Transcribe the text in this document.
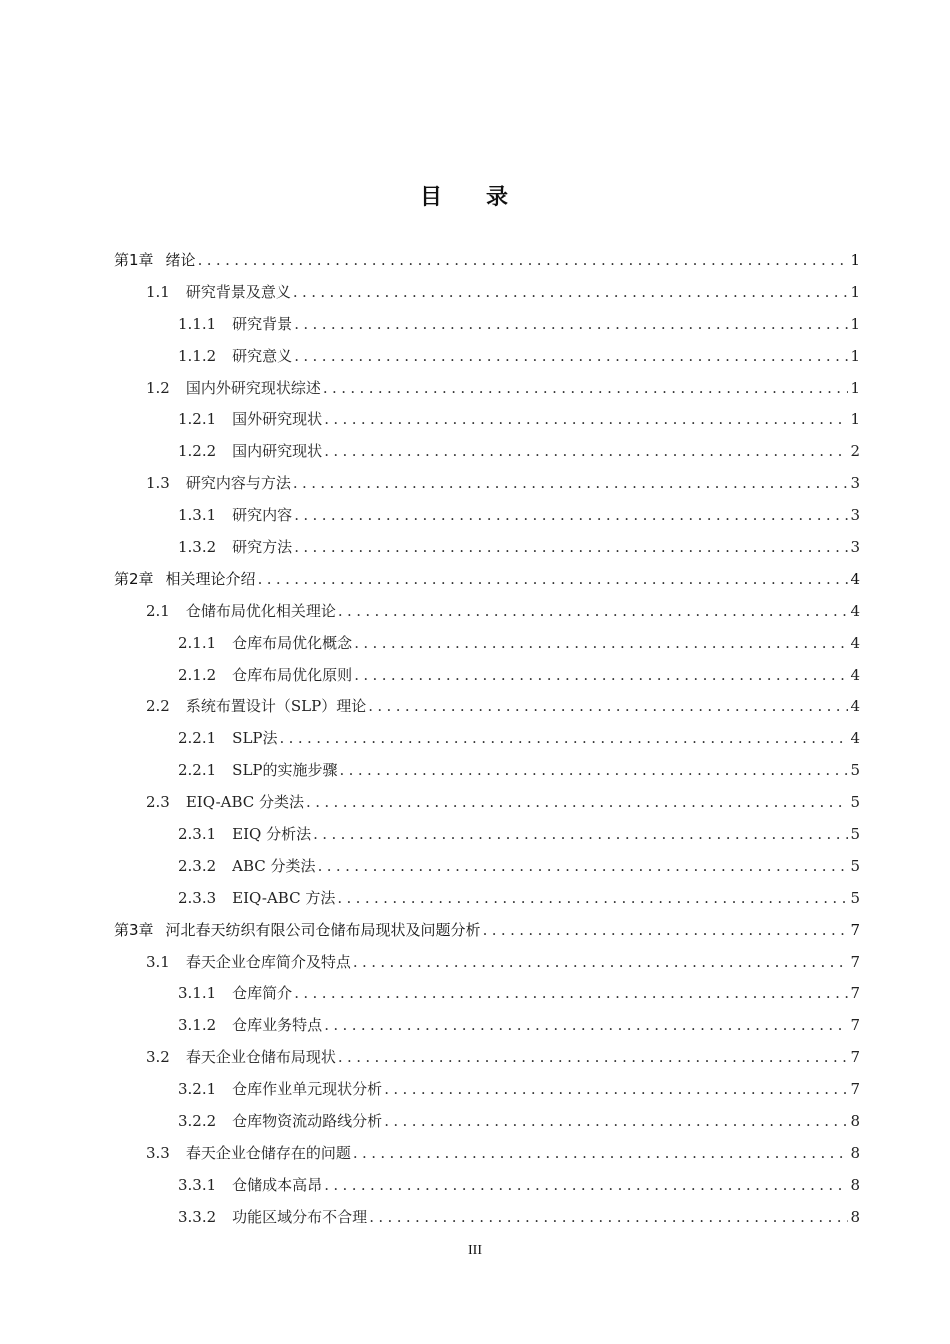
目录
第1章 绪论 .....	1
1.1 研究背景及意义 .....	1
1.1.1 研究背景 .....	1
1.1.2 研究意义 .....	1
1.2 国内外研究现状综述 .....	1
1.2.1 国外研究现状 .....	1
1.2.2 国内研究现状 .....	2
1.3 研究内容与方法 .....	3
1.3.1 研究内容 .....	3
1.3.2 研究方法 .....	3
第2章 相关理论介绍 .....	4
2.1 仓储布局优化相关理论 .....	4
2.1.1 仓库布局优化概念 .....	4
2.1.2 仓库布局优化原则 .....	4
2.2 系统布置设计（SLP）理论 .....	4
2.2.1 SLP法 .....	4
2.2.1 SLP的实施步骤 .....	5
2.3 EIQ-ABC 分类法 .....	5
2.3.1 EIQ 分析法 .....	5
2.3.2 ABC 分类法 .....	5
2.3.3 EIQ-ABC 方法 .....	5
第3章 河北春天纺织有限公司仓储布局现状及问题分析 .....	7
3.1 春天企业仓库简介及特点 .....	7
3.1.1 仓库简介 .....	7
3.1.2 仓库业务特点 .....	7
3.2 春天企业仓储布局现状 .....	7
3.2.1 仓库作业单元现状分析 .....	7
3.2.2 仓库物资流动路线分析 .....	8
3.3 春天企业仓储存在的问题 .....	8
3.3.1 仓储成本高昂 .....	8
3.3.2 功能区域分布不合理 .....	8
III
